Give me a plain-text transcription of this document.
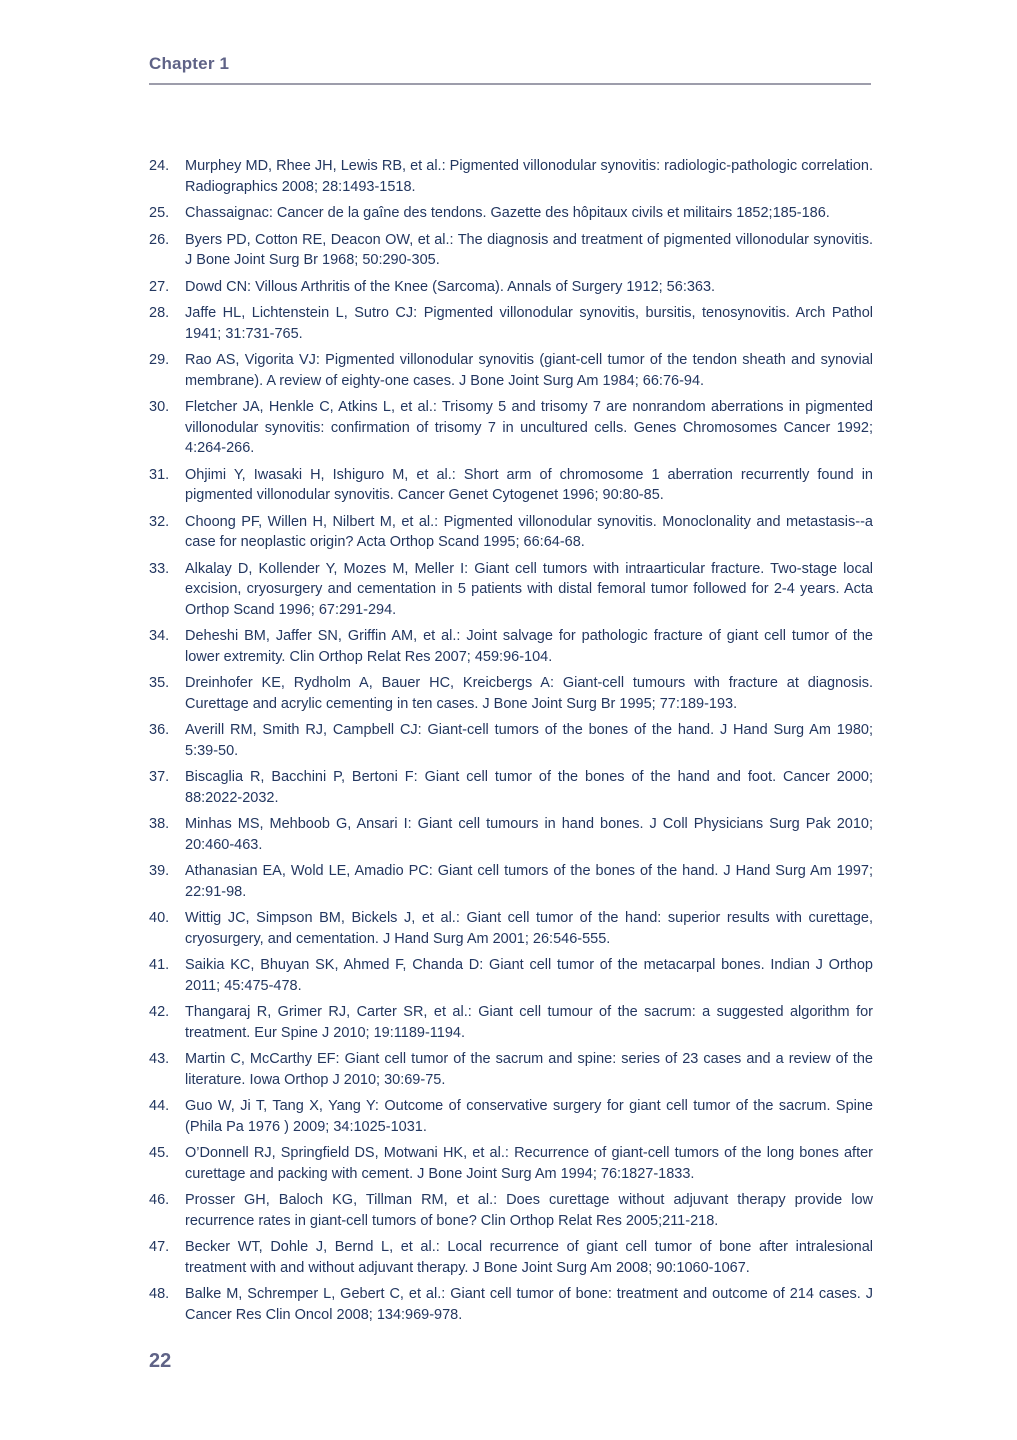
Chapter 1
24.	Murphey MD, Rhee JH, Lewis RB, et al.: Pigmented villonodular synovitis: radiologic-pathologic correlation. Radiographics 2008; 28:1493-1518.
25.	Chassaignac: Cancer de la gaîne des tendons. Gazette des hôpitaux civils et militairs 1852;185-186.
26.	Byers PD, Cotton RE, Deacon OW, et al.: The diagnosis and treatment of pigmented villonodular synovitis. J Bone Joint Surg Br 1968; 50:290-305.
27.	Dowd CN: Villous Arthritis of the Knee (Sarcoma). Annals of Surgery 1912; 56:363.
28.	Jaffe HL, Lichtenstein L, Sutro CJ: Pigmented villonodular synovitis, bursitis, tenosynovitis. Arch Pathol 1941; 31:731-765.
29.	Rao AS, Vigorita VJ: Pigmented villonodular synovitis (giant-cell tumor of the tendon sheath and synovial membrane). A review of eighty-one cases. J Bone Joint Surg Am 1984; 66:76-94.
30.	Fletcher JA, Henkle C, Atkins L, et al.: Trisomy 5 and trisomy 7 are nonrandom aberrations in pigmented villonodular synovitis: confirmation of trisomy 7 in uncultured cells. Genes Chromosomes Cancer 1992; 4:264-266.
31.	Ohjimi Y, Iwasaki H, Ishiguro M, et al.: Short arm of chromosome 1 aberration recurrently found in pigmented villonodular synovitis. Cancer Genet Cytogenet 1996; 90:80-85.
32.	Choong PF, Willen H, Nilbert M, et al.: Pigmented villonodular synovitis. Monoclonality and metastasis--a case for neoplastic origin? Acta Orthop Scand 1995; 66:64-68.
33.	Alkalay D, Kollender Y, Mozes M, Meller I: Giant cell tumors with intraarticular fracture. Two-stage local excision, cryosurgery and cementation in 5 patients with distal femoral tumor followed for 2-4 years. Acta Orthop Scand 1996; 67:291-294.
34.	Deheshi BM, Jaffer SN, Griffin AM, et al.: Joint salvage for pathologic fracture of giant cell tumor of the lower extremity. Clin Orthop Relat Res 2007; 459:96-104.
35.	Dreinhofer KE, Rydholm A, Bauer HC, Kreicbergs A: Giant-cell tumours with fracture at diagnosis. Curettage and acrylic cementing in ten cases. J Bone Joint Surg Br 1995; 77:189-193.
36.	Averill RM, Smith RJ, Campbell CJ: Giant-cell tumors of the bones of the hand. J Hand Surg Am 1980; 5:39-50.
37.	Biscaglia R, Bacchini P, Bertoni F: Giant cell tumor of the bones of the hand and foot. Cancer 2000; 88:2022-2032.
38.	Minhas MS, Mehboob G, Ansari I: Giant cell tumours in hand bones. J Coll Physicians Surg Pak 2010; 20:460-463.
39.	Athanasian EA, Wold LE, Amadio PC: Giant cell tumors of the bones of the hand. J Hand Surg Am 1997; 22:91-98.
40.	Wittig JC, Simpson BM, Bickels J, et al.: Giant cell tumor of the hand: superior results with curettage, cryosurgery, and cementation. J Hand Surg Am 2001; 26:546-555.
41.	Saikia KC, Bhuyan SK, Ahmed F, Chanda D: Giant cell tumor of the metacarpal bones. Indian J Orthop 2011; 45:475-478.
42.	Thangaraj R, Grimer RJ, Carter SR, et al.: Giant cell tumour of the sacrum: a suggested algorithm for treatment. Eur Spine J 2010; 19:1189-1194.
43.	Martin C, McCarthy EF: Giant cell tumor of the sacrum and spine: series of 23 cases and a review of the literature. Iowa Orthop J 2010; 30:69-75.
44.	Guo W, Ji T, Tang X, Yang Y: Outcome of conservative surgery for giant cell tumor of the sacrum. Spine (Phila Pa 1976 ) 2009; 34:1025-1031.
45.	O’Donnell RJ, Springfield DS, Motwani HK, et al.: Recurrence of giant-cell tumors of the long bones after curettage and packing with cement. J Bone Joint Surg Am 1994; 76:1827-1833.
46.	Prosser GH, Baloch KG, Tillman RM, et al.: Does curettage without adjuvant therapy provide low recurrence rates in giant-cell tumors of bone? Clin Orthop Relat Res 2005;211-218.
47.	Becker WT, Dohle J, Bernd L, et al.: Local recurrence of giant cell tumor of bone after intralesional treatment with and without adjuvant therapy. J Bone Joint Surg Am 2008; 90:1060-1067.
48.	Balke M, Schremper L, Gebert C, et al.: Giant cell tumor of bone: treatment and outcome of 214 cases. J Cancer Res Clin Oncol 2008; 134:969-978.
22
